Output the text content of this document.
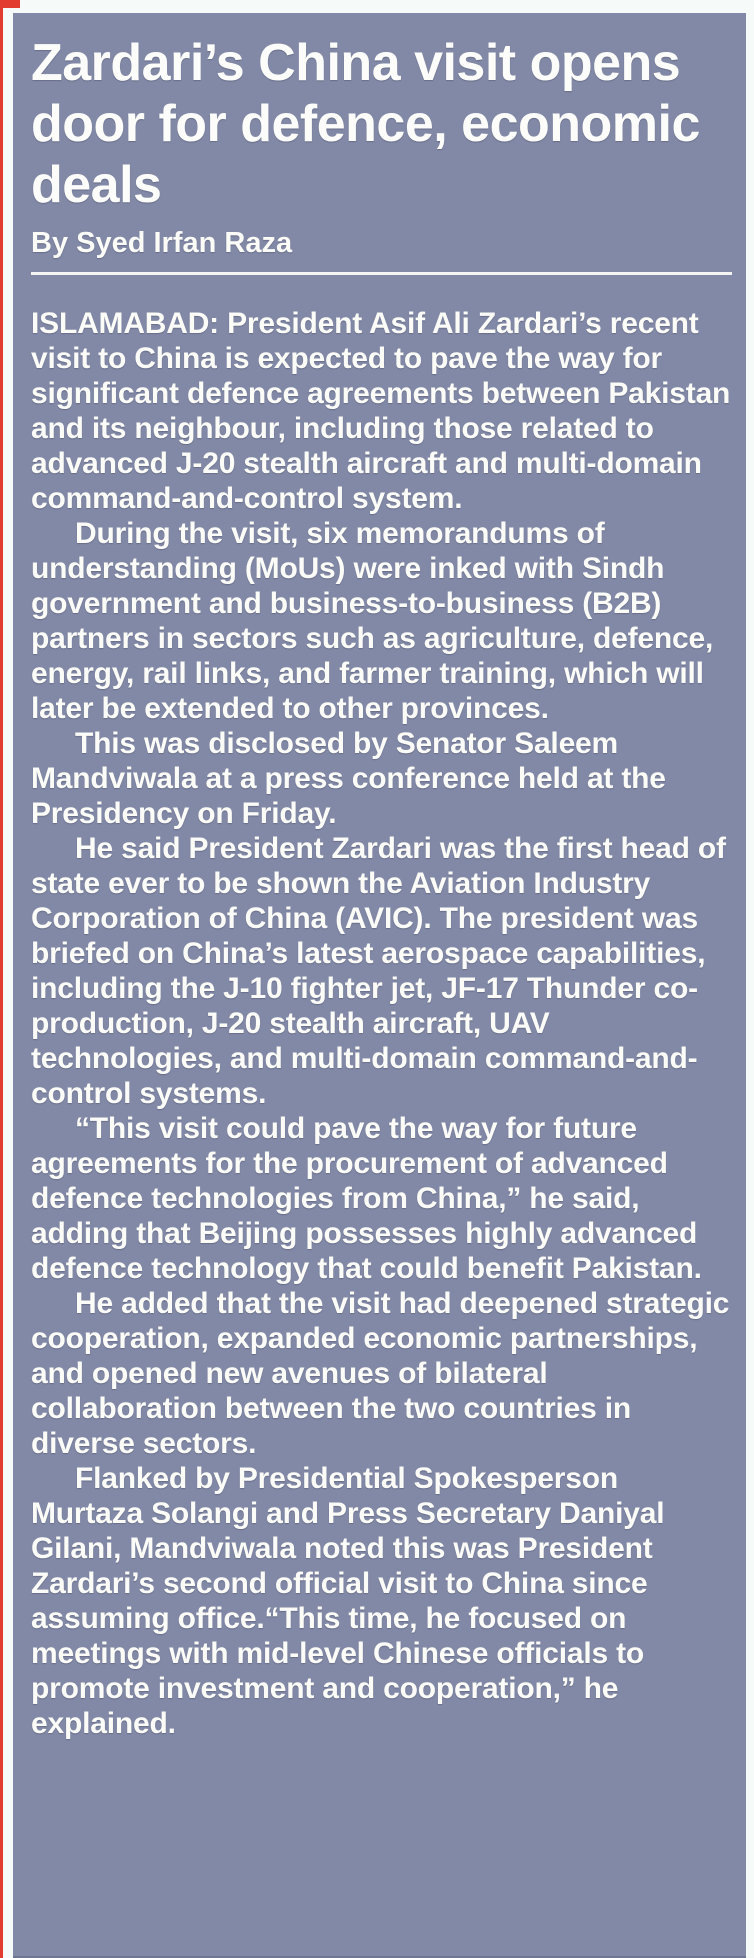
Zardari’s China visit opens door for defence, economic deals
By Syed Irfan Raza

ISLAMABAD: President Asif Ali Zardari’s recent visit to China is expected to pave the way for significant defence agreements between Pakistan and its neighbour, including those related to advanced J-20 stealth aircraft and multi-domain command-and-control system.

During the visit, six memorandums of understanding (MoUs) were inked with Sindh government and business-to-business (B2B) partners in sectors such as agriculture, defence, energy, rail links, and farmer training, which will later be extended to other provinces.

This was disclosed by Senator Saleem Mandviwala at a press conference held at the Presidency on Friday.

He said President Zardari was the first head of state ever to be shown the Aviation Industry Corporation of China (AVIC). The president was briefed on China’s latest aerospace capabilities, including the J-10 fighter jet, JF-17 Thunder co-production, J-20 stealth aircraft, UAV technologies, and multi-domain command-and-control systems.

“This visit could pave the way for future agreements for the procurement of advanced defence technologies from China,” he said, adding that Beijing possesses highly advanced defence technology that could benefit Pakistan.

He added that the visit had deepened strategic cooperation, expanded economic partnerships, and opened new avenues of bilateral collaboration between the two countries in diverse sectors.

Flanked by Presidential Spokesperson Murtaza Solangi and Press Secretary Daniyal Gilani, Mandviwala noted this was President Zardari’s second official visit to China since assuming office.“This time, he focused on meetings with mid-level Chinese officials to promote investment and cooperation,” he explained.
